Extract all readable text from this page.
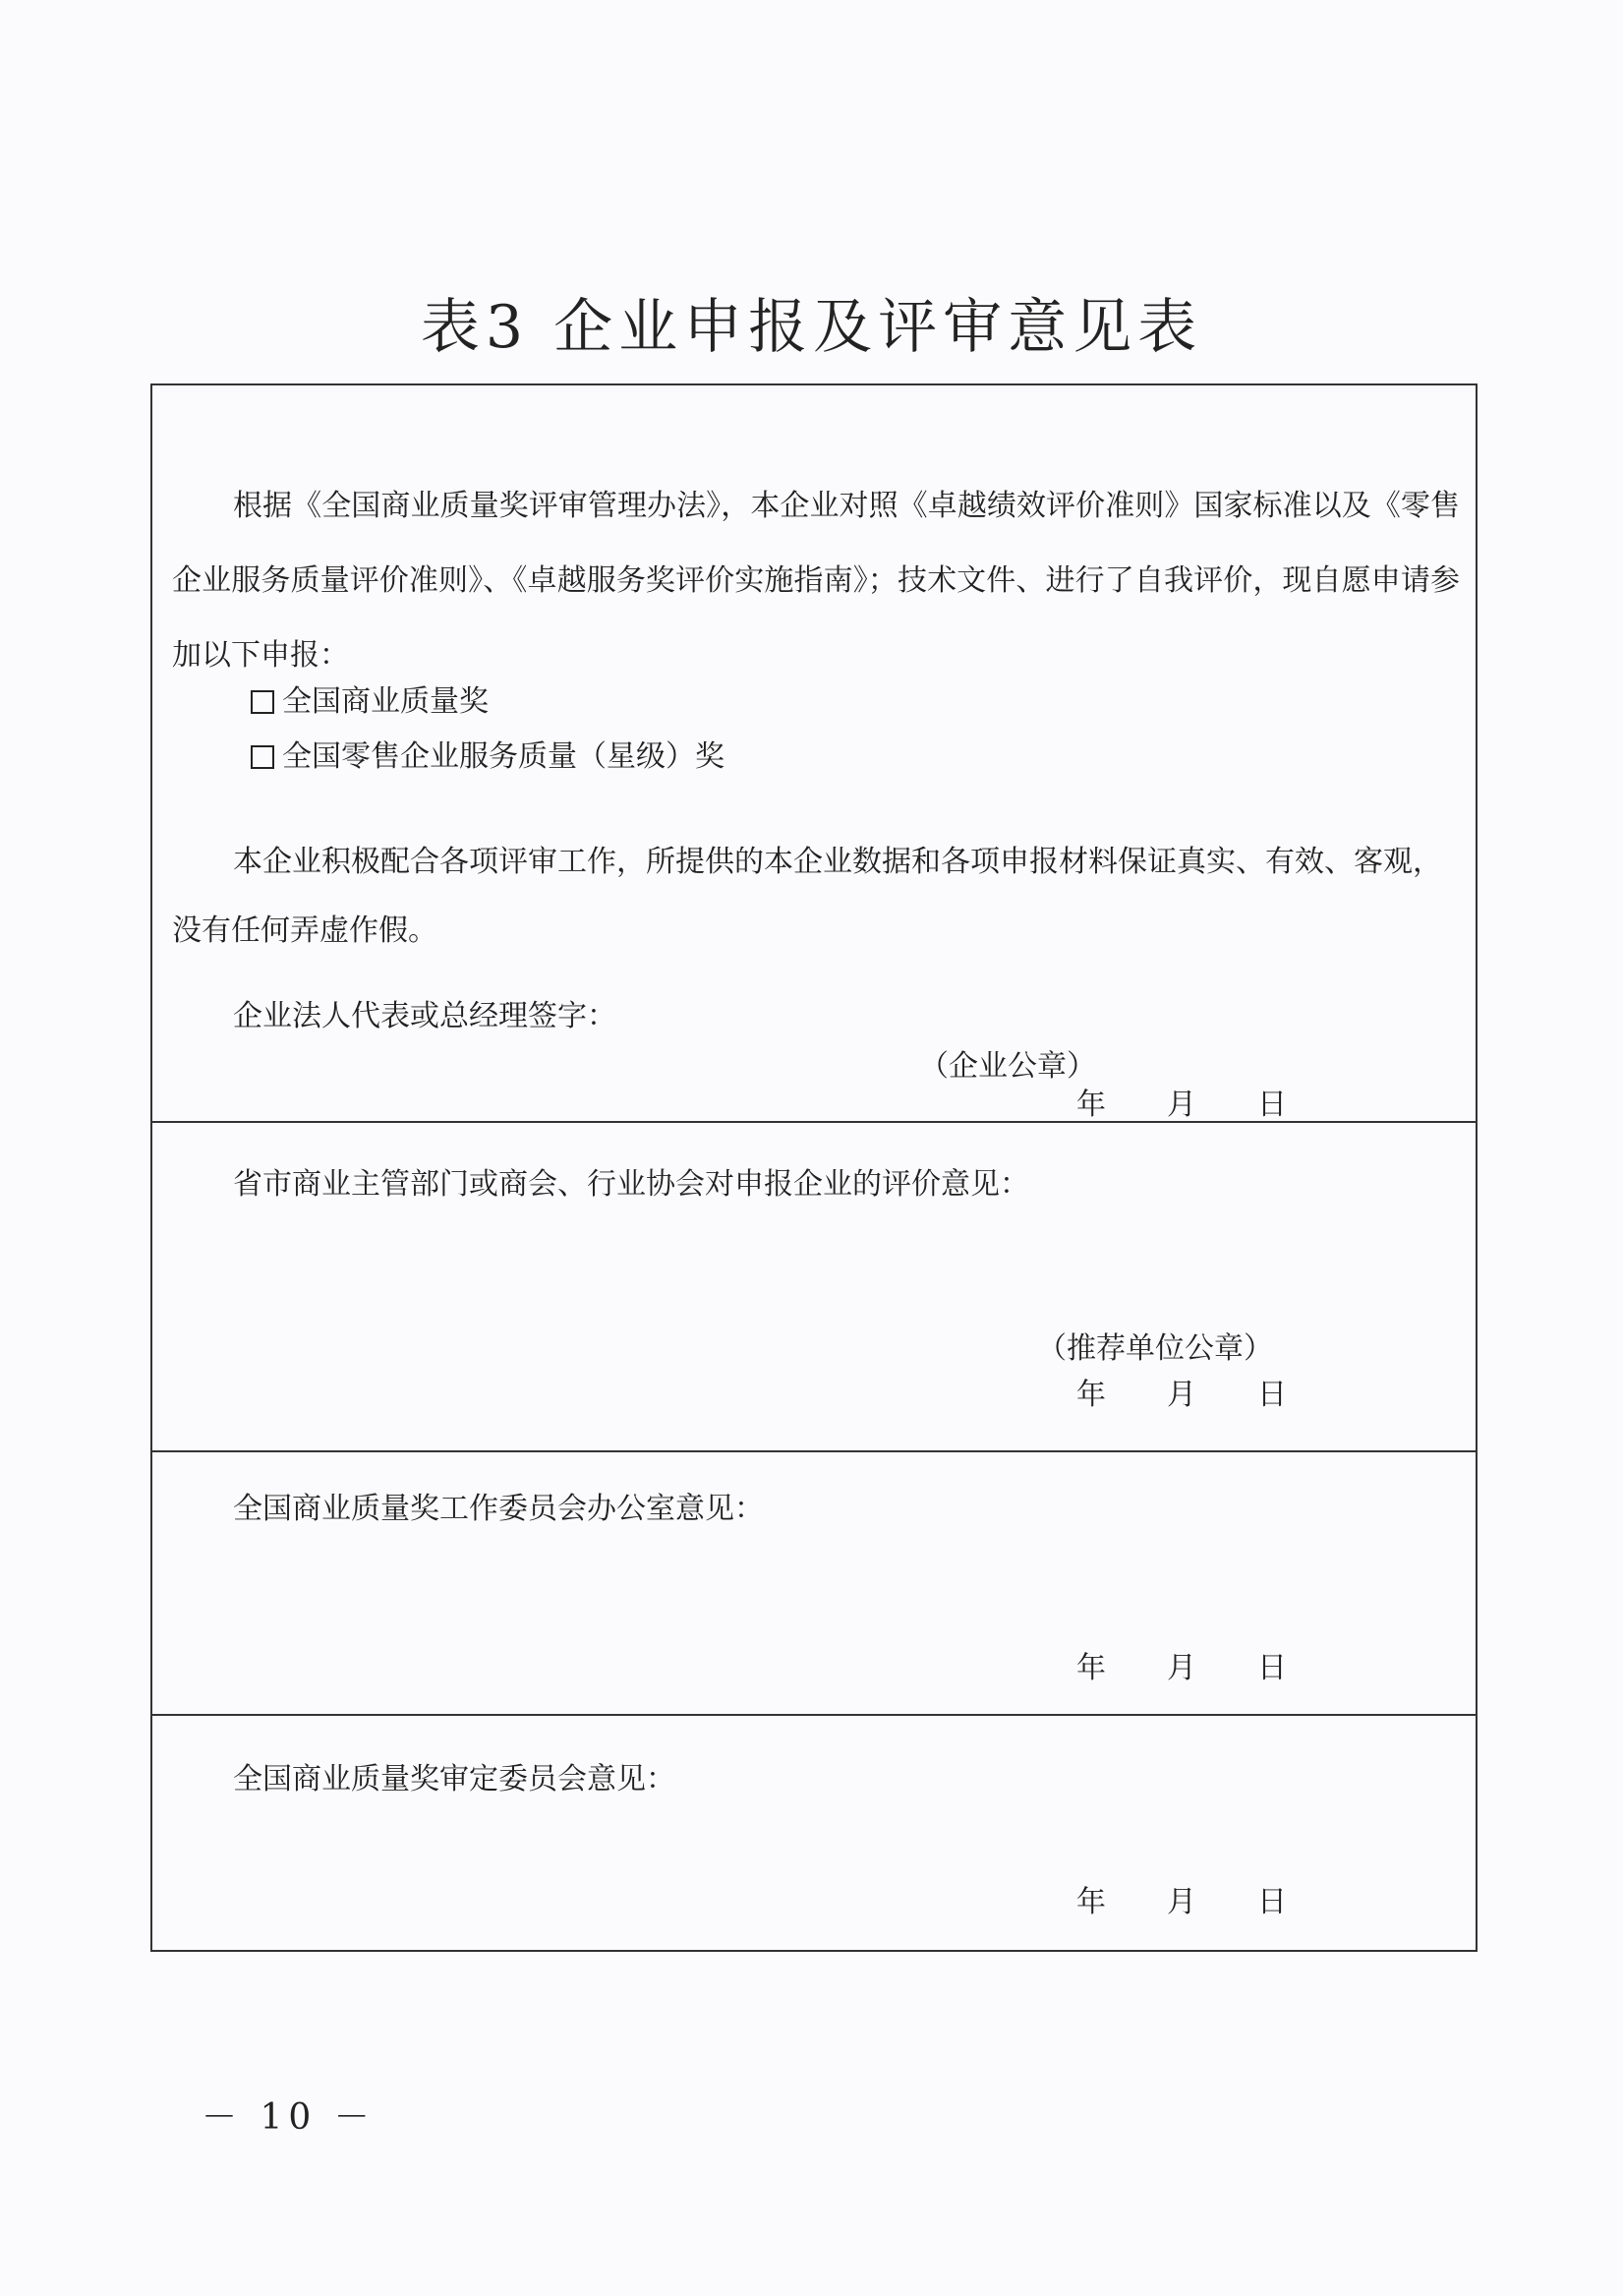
表3 企业申报及评审意见表
根据《全国商业质量奖评审管理办法》，本企业对照《卓越绩效评价准则》国家标准以及《零售企业服务质量评价准则》、《卓越服务奖评价实施指南》；技术文件、进行了自我评价，现自愿申请参加以下申报：
全国商业质量奖
全国零售企业服务质量（星级）奖
本企业积极配合各项评审工作，所提供的本企业数据和各项申报材料保证真实、有效、客观，没有任何弄虚作假。
企业法人代表或总经理签字：
（企业公章）
年 月 日
省市商业主管部门或商会、行业协会对申报企业的评价意见：
（推荐单位公章）
年 月 日
全国商业质量奖工作委员会办公室意见：
年 月 日
全国商业质量奖审定委员会意见：
年 月 日
－ 10 －
